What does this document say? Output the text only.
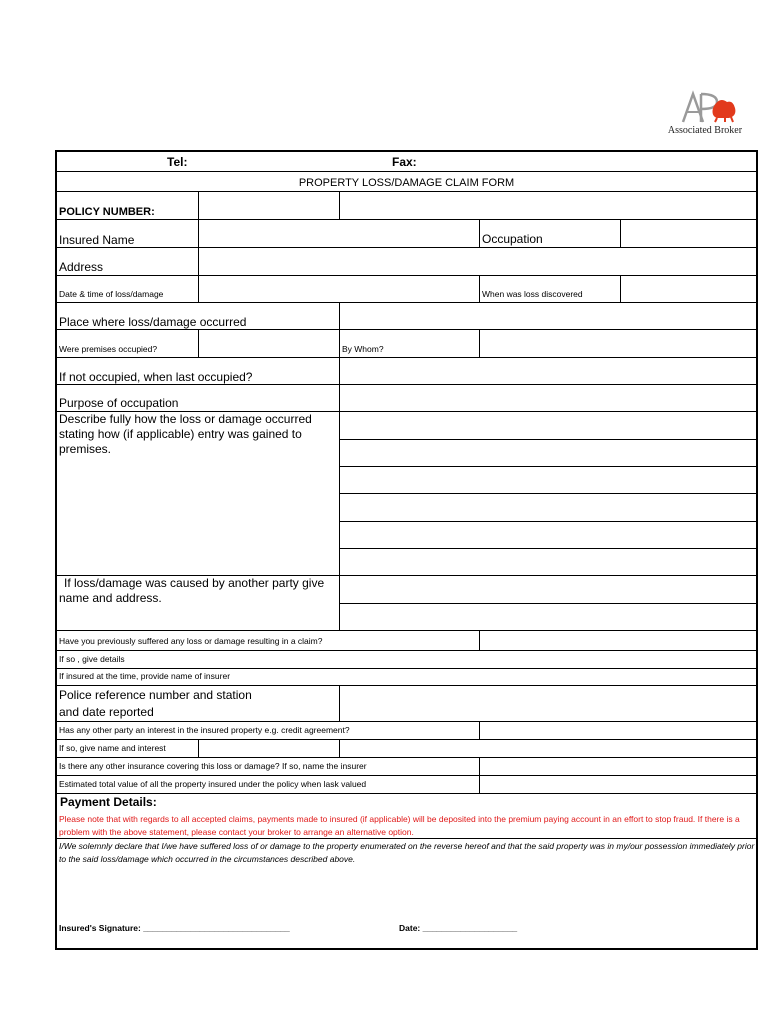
Associated Broker
Tel:	Fax:
PROPERTY LOSS/DAMAGE CLAIM FORM
POLICY NUMBER:
Insured Name	Occupation
Address
Date & time of loss/damage	When was loss discovered
Place where loss/damage occurred
Were premises occupied?	By Whom?
If not occupied, when last occupied?
Purpose of occupation
Describe fully how the loss or damage occurred stating how (if applicable) entry was gained to premises.
If loss/damage was caused by another party give name and address.
Have you previously suffered any loss or damage resulting in a claim?
If so , give details
If insured at the time, provide name of insurer
Police reference number and station
and date reported
Has any other party an interest in the insured property e.g. credit agreement?
If so, give name and interest
Is there any other insurance covering this loss or damage? If so, name the insurer
Estimated total value of all the property insured under the policy when lask valued
Payment Details:
Please note that with regards to all accepted claims, payments made to insured (if applicable) will be deposited into the premium paying account in an effort to stop fraud. If there is a problem with the above statement, please contact your broker to arrange an alternative option.
I/We solemnly declare that I/we have suffered loss of or damage to the property enumerated on the reverse hereof and that the said property was in my/our possession immediately prior to the said loss/damage which occurred in the circumstances described above.
Insured's Signature: _______________________________	Date: ____________________
